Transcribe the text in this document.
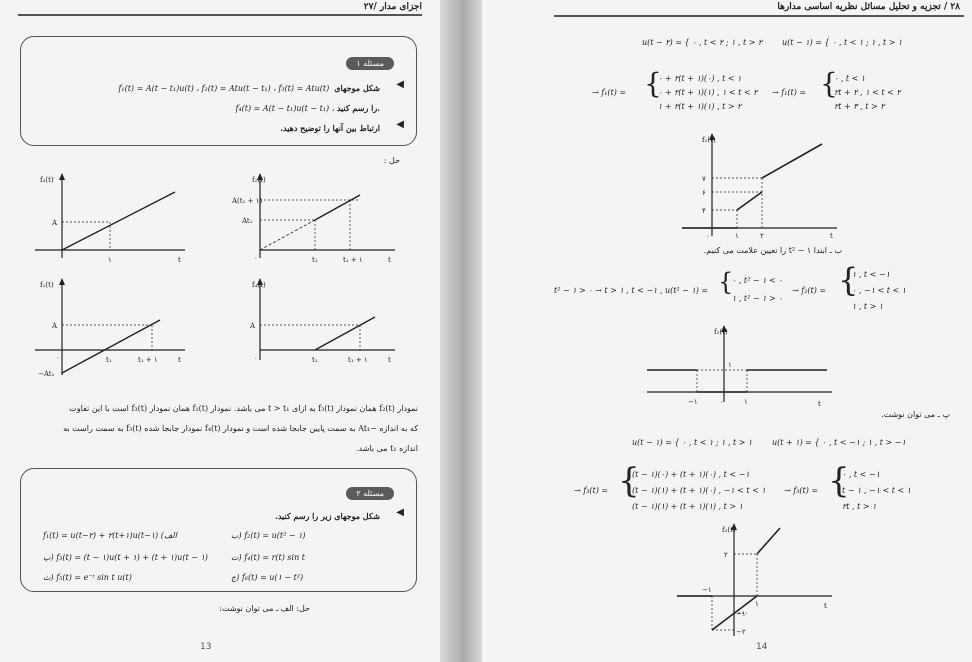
اجزای مدار /۲۷
مسئله ۱
f₁(t) = A(t − t₁)u(t) ، f₂(t) = Atu(t − t₁) ، f₃(t) = Atu(t) شکل موجهای ◀
f₄(t) = A(t − t₁)u(t − t₁) ، را رسم کنید.
ارتباط بین آنها را توضیح دهید. ◀
حل :
f₂(t)
A(t₁ + ۱)
At₁
t₁	t₁ + ۱	t
۰
f₃(t)
A
۱	t
f₄(t)
A
t₁	t₁ + ۱	t
۰
f₁(t)
A
−At₁
t₁	t₁ + ۱	t
۰
نمودار f₂(t) همان نمودار f₃(t) به ازای t > t₁ می باشد. نمودار f₁(t) همان نمودار f₃(t) است با این تفاوت
که به اندازه −At₁ به سمت پایین جابجا شده است و نمودار f₄(t) نمودار جابجا شده f₃(t) به سمت راست به
اندازه t₁ می باشد.
مسئله ۲
◀
شکل موجهای زیر را رسم کنید.
f₁(t) = u(t−۲) + ۲(t+۱)u(t−۱) (الف	ب) f₂(t) = u(t² − ۱)
پ) f₃(t) = (t − ۱)u(t + ۱) + (t + ۱)u(t − ۱)	ت) f₄(t) = r(t) sin t
ث) f₅(t) = e⁻ᵗ sin t u(t)	ج) f₆(t) = u(۱ − t²)
حل: الف ـ می توان نوشت:
13
۲۸ / تجزیه و تحلیل مسائل نظریه اساسی مدارها
u(t − ۲) = { ۰ , t < ۲ ; ۱ , t > ۲ u(t − ۱) = { ۰ , t < ۱ ; ۱ , t > ۱
→ f₁(t) = {
۰ + ۲(t + ۱)(۰) , t < ۱
۰ + ۲(t + ۱)(۱) , ۱ < t < ۲
۱ + ۲(t + ۱)(۱) , t > ۲
→ f₁(t) = {
۰ , t < ۱
۲t + ۲ , ۱ < t < ۲
۲t + ۳ , t > ۲
f₁(t)
۷
۶
۴
۱	۲
۰	t
ب ـ ابتدا t² − ۱ را تعیین علامت می کنیم.
t² − ۱ > ۰ → t > ۱ , t < −۱ , u(t² − ۱) = {
۰ , t² − ۱ < ۰
۱ , t² − ۱ > ۰
→ f₂(t) = {
۱ , t < −۱
۰ , −۱ < t < ۱
۱ , t > ۱
f₂(t)
۱
−۱	۱
۰	t
پ ـ می توان نوشت.
u(t − ۱) = { ۰ , t < ۱ ; ۱ , t > ۱ u(t + ۱) = { ۰ , t < −۱ ; ۱ , t > −۱
→ f₃(t) = {
(t − ۱)(۰) + (t + ۱)(۰) , t < −۱
(t − ۱)(۱) + (t + ۱)(۰) , −۱ < t < ۱
(t − ۱)(۱) + (t + ۱)(۱) , t > ۱
→ f₃(t) = {
۰ , t < −۱
t − ۱ , −۱ < t < ۱
۲t , t > ۱
f₃(t)
۲
−۱
−۲
−۱
۱	t
14
